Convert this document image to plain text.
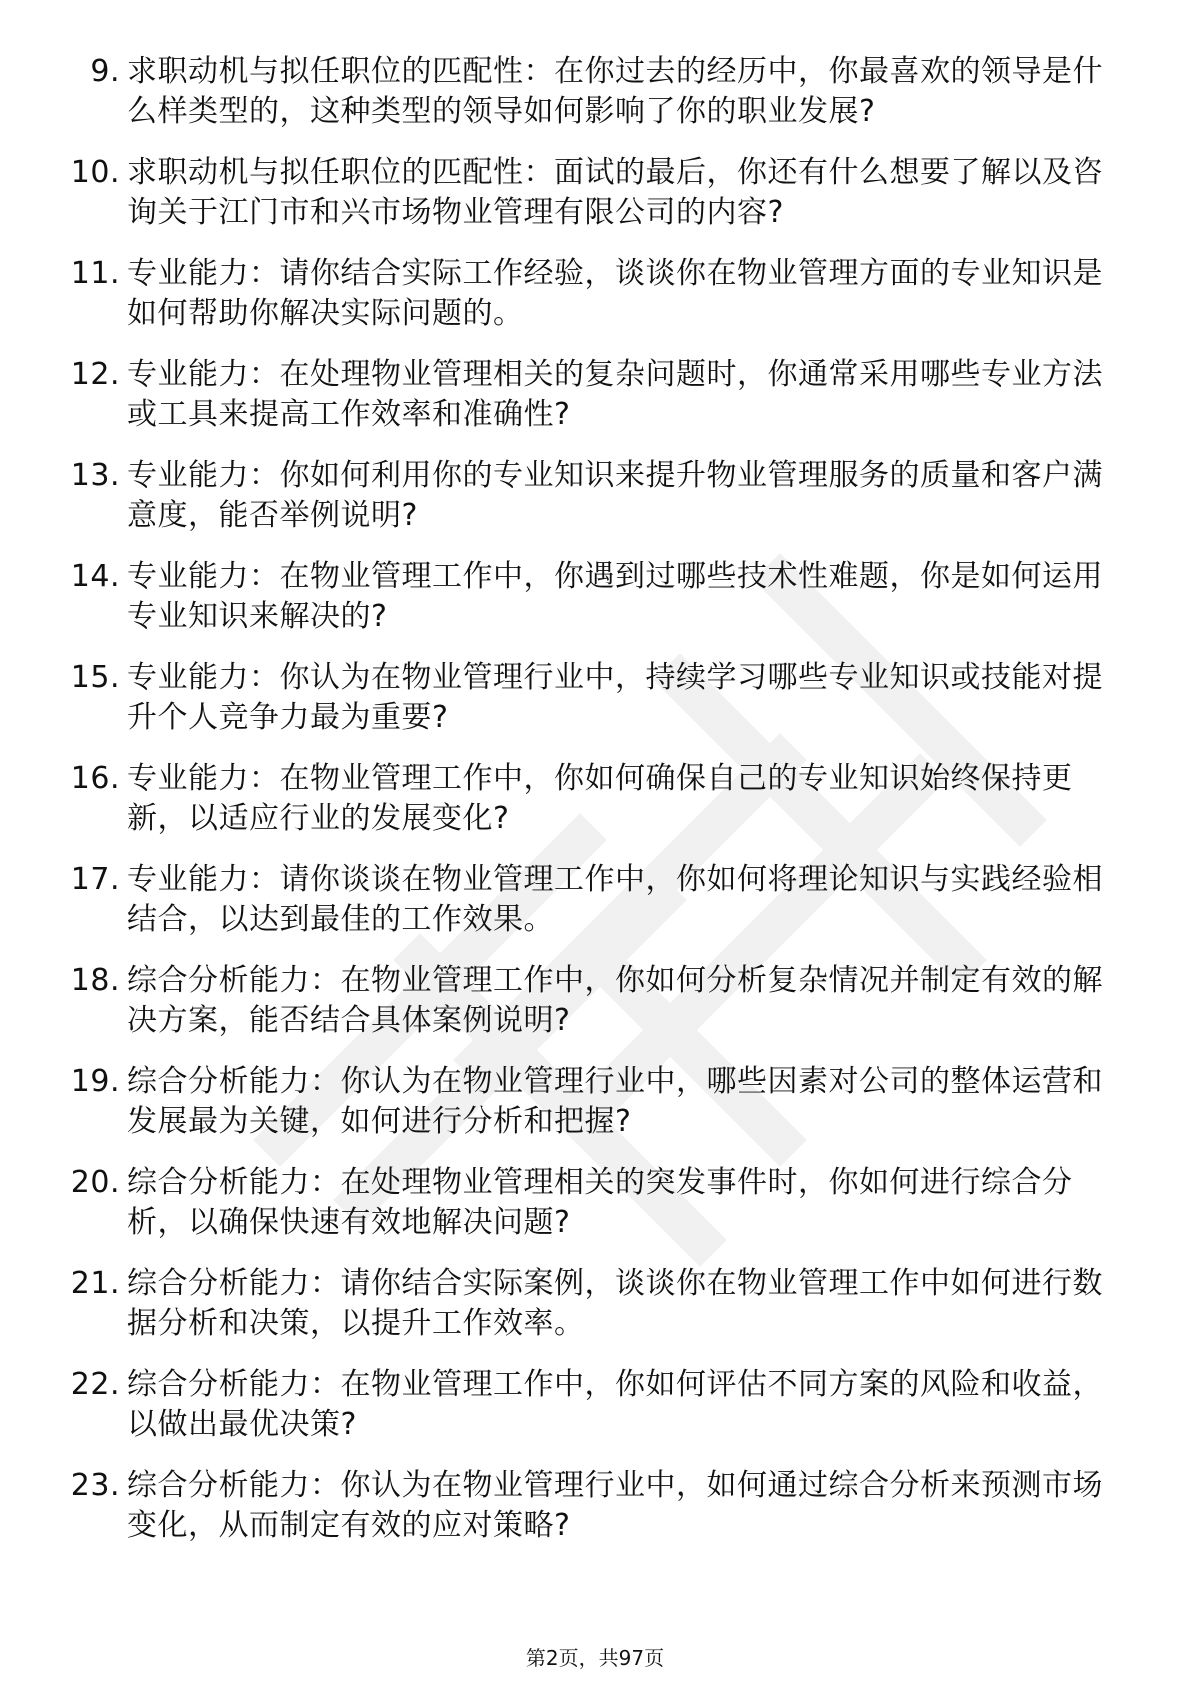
9. 求职动机与拟任职位的匹配性：在你过去的经历中，你最喜欢的领导是什么样类型的，这种类型的领导如何影响了你的职业发展?
10. 求职动机与拟任职位的匹配性：面试的最后，你还有什么想要了解以及咨询关于江门市和兴市场物业管理有限公司的内容?
11. 专业能力：请你结合实际工作经验，谈谈你在物业管理方面的专业知识是如何帮助你解决实际问题的。
12. 专业能力：在处理物业管理相关的复杂问题时，你通常采用哪些专业方法或工具来提高工作效率和准确性?
13. 专业能力：你如何利用你的专业知识来提升物业管理服务的质量和客户满意度，能否举例说明?
14. 专业能力：在物业管理工作中，你遇到过哪些技术性难题，你是如何运用专业知识来解决的?
15. 专业能力：你认为在物业管理行业中，持续学习哪些专业知识或技能对提升个人竞争力最为重要?
16. 专业能力：在物业管理工作中，你如何确保自己的专业知识始终保持更新，以适应行业的发展变化?
17. 专业能力：请你谈谈在物业管理工作中，你如何将理论知识与实践经验相结合，以达到最佳的工作效果。
18. 综合分析能力：在物业管理工作中，你如何分析复杂情况并制定有效的解决方案，能否结合具体案例说明?
19. 综合分析能力：你认为在物业管理行业中，哪些因素对公司的整体运营和发展最为关键，如何进行分析和把握?
20. 综合分析能力：在处理物业管理相关的突发事件时，你如何进行综合分析，以确保快速有效地解决问题?
21. 综合分析能力：请你结合实际案例，谈谈你在物业管理工作中如何进行数据分析和决策，以提升工作效率。
22. 综合分析能力：在物业管理工作中，你如何评估不同方案的风险和收益，以做出最优决策?
23. 综合分析能力：你认为在物业管理行业中，如何通过综合分析来预测市场变化，从而制定有效的应对策略?
第2页，共97页
